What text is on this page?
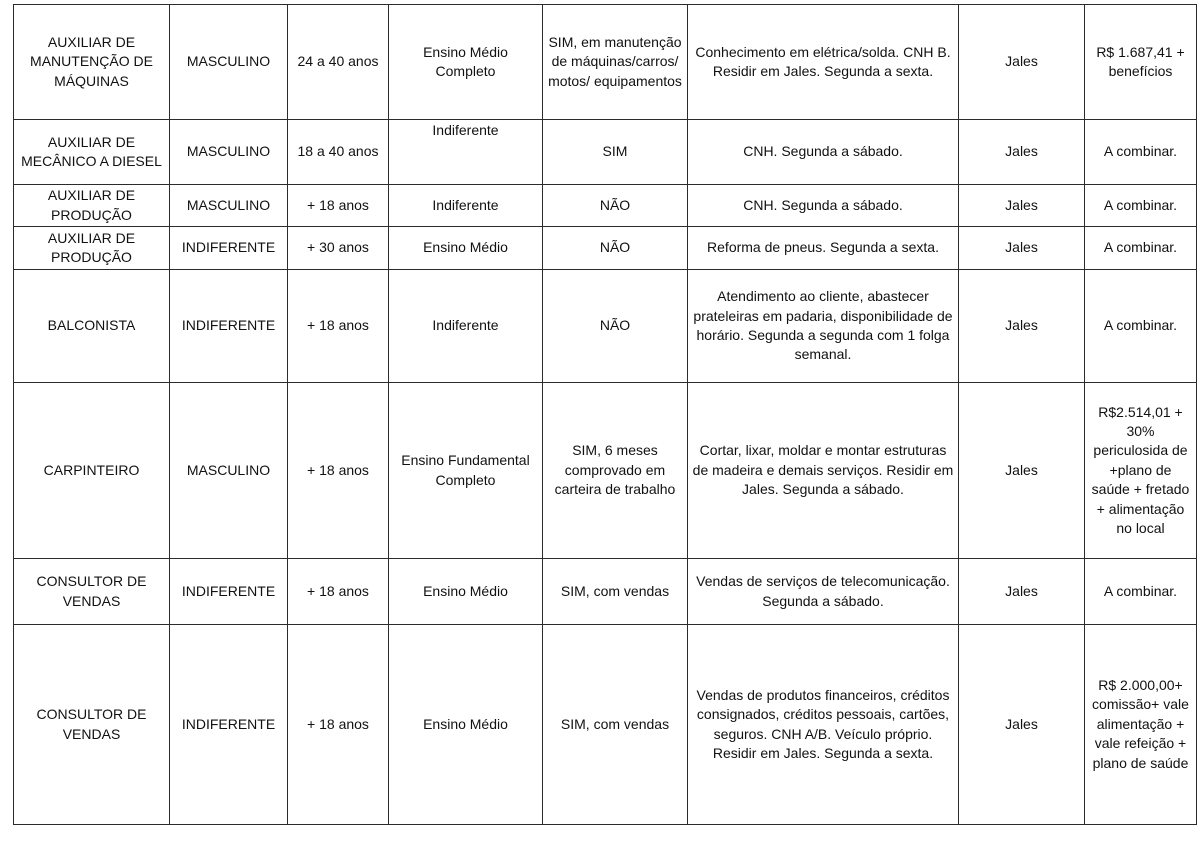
AUXILIAR DE MANUTENÇÃO DE MÁQUINAS	MASCULINO	24 a 40 anos	Ensino Médio Completo	SIM, em manutenção de máquinas/carros/ motos/ equipamentos	Conhecimento em elétrica/solda. CNH B. Residir em Jales. Segunda a sexta.	Jales	R$ 1.687,41 + benefícios
AUXILIAR DE MECÂNICO A DIESEL	MASCULINO	18 a 40 anos	Indiferente	SIM	CNH. Segunda a sábado.	Jales	A combinar.
AUXILIAR DE PRODUÇÃO	MASCULINO	+ 18 anos	Indiferente	NÃO	CNH. Segunda a sábado.	Jales	A combinar.
AUXILIAR DE PRODUÇÃO	INDIFERENTE	+ 30 anos	Ensino Médio	NÃO	Reforma de pneus. Segunda a sexta.	Jales	A combinar.
BALCONISTA	INDIFERENTE	+ 18 anos	Indiferente	NÃO	Atendimento ao cliente, abastecer prateleiras em padaria, disponibilidade de horário. Segunda a segunda com 1 folga semanal.	Jales	A combinar.
CARPINTEIRO	MASCULINO	+ 18 anos	Ensino Fundamental Completo	SIM, 6 meses comprovado em carteira de trabalho	Cortar, lixar, moldar e montar estruturas de madeira e demais serviços. Residir em Jales. Segunda a sábado.	Jales	R$2.514,01 + 30% periculosida de +plano de saúde + fretado + alimentação no local
CONSULTOR DE VENDAS	INDIFERENTE	+ 18 anos	Ensino Médio	SIM, com vendas	Vendas de serviços de telecomunicação. Segunda a sábado.	Jales	A combinar.
CONSULTOR DE VENDAS	INDIFERENTE	+ 18 anos	Ensino Médio	SIM, com vendas	Vendas de produtos financeiros, créditos consignados, créditos pessoais, cartões, seguros. CNH A/B. Veículo próprio. Residir em Jales. Segunda a sexta.	Jales	R$ 2.000,00+ comissão+ vale alimentação + vale refeição + plano de saúde
